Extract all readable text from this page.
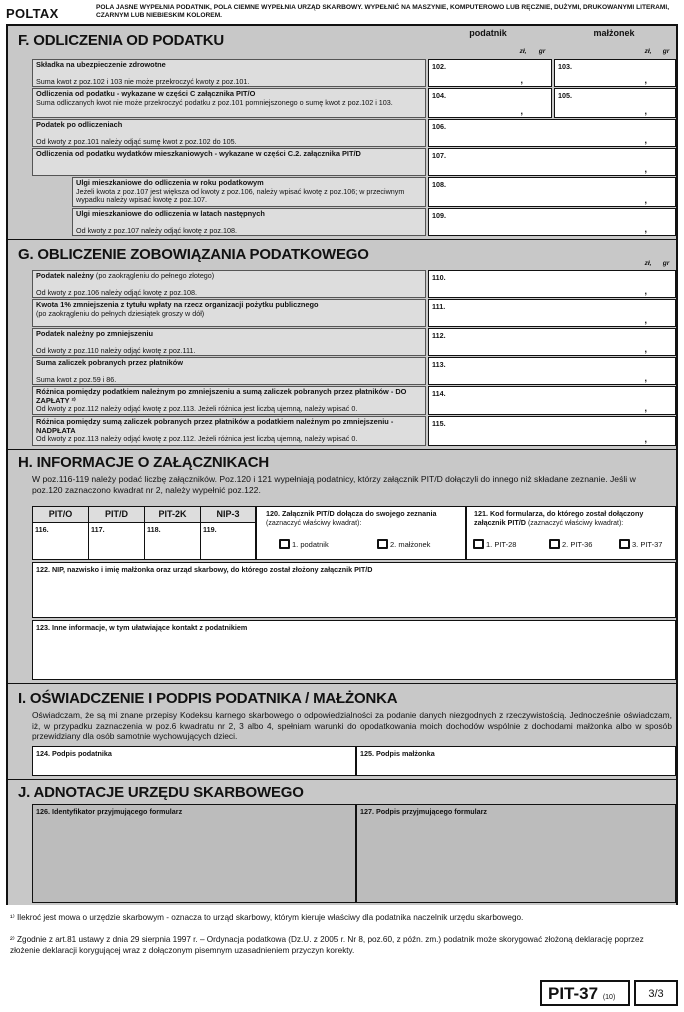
POLTAX	POLA JASNE WYPEŁNIA PODATNIK, POLA CIEMNE WYPEŁNIA URZĄD SKARBOWY. WYPEŁNIĆ NA MASZYNIE, KOMPUTEROWO LUB RĘCZNIE, DUŻYMI, DRUKOWANYMI LITERAMI, CZARNYM LUB NIEBIESKIM KOLOREM.
F. ODLICZENIA OD PODATKU	podatnik	małżonek
zł,	gr	zł,	gr
Składka na ubezpieczenie zdrowotne

Suma kwot z poz.102 i 103 nie może przekroczyć kwoty z poz.101.
102.
,
103.
,
Odliczenia od podatku - wykazane w części C załącznika PIT/O
Suma odliczanych kwot nie może przekroczyć podatku z poz.101 pomniejszonego o sumę kwot z poz.102 i 103.
104.
,
105.
,
Podatek po odliczeniach

Od kwoty z poz.101 należy odjąć sumę kwot z poz.102 do 105.
106.
,
Odliczenia od podatku wydatków mieszkaniowych - wykazane w części C.2. załącznika PIT/D	107.
,
Ulgi mieszkaniowe do odliczenia w roku podatkowym
Jeżeli kwota z poz.107 jest większa od kwoty z poz.106, należy wpisać kwotę z poz.106; w przeciwnym wypadku należy wpisać kwotę z poz.107.
108.
,
Ulgi mieszkaniowe do odliczenia w latach następnych

Od kwoty z poz.107 należy odjąć kwotę z poz.108.
109.
,
G. OBLICZENIE ZOBOWIĄZANIA PODATKOWEGO
zł,	gr
Podatek należny (po zaokrągleniu do pełnego złotego)

Od kwoty z poz.106 należy odjąć kwotę z poz.108.
110.
,
Kwota 1% zmniejszenia z tytułu wpłaty na rzecz organizacji pożytku publicznego
(po zaokrągleniu do pełnych dziesiątek groszy w dół)
111.
,
Podatek należny po zmniejszeniu

Od kwoty z poz.110 należy odjąć kwotę z poz.111.
112.
,
Suma zaliczek pobranych przez płatników

Suma kwot z poz.59 i 86.
113.
,
Różnica pomiędzy podatkiem należnym po zmniejszeniu a sumą zaliczek pobranych przez płatników - DO ZAPŁATY ²⁾
Od kwoty z poz.112 należy odjąć kwotę z poz.113. Jeżeli różnica jest liczbą ujemną, należy wpisać 0.
114.
,
Różnica pomiędzy sumą zaliczek pobranych przez płatników a podatkiem należnym po zmniejszeniu - NADPŁATA
Od kwoty z poz.113 należy odjąć kwotę z poz.112. Jeżeli różnica jest liczbą ujemną, należy wpisać 0.
115.
,
H. INFORMACJE O ZAŁĄCZNIKACH
W poz.116-119 należy podać liczbę załączników. Poz.120 i 121 wypełniają podatnicy, którzy załącznik PIT/D dołączyli do innego niż składane zeznanie. Jeśli w poz.120 zaznaczono kwadrat nr 2, należy wypełnić poz.122.
PIT/O	PIT/D	PIT-2K	NIP-3
116.	117.	118.	119.
120. Załącznik PIT/D dołącza do swojego zeznania
(zaznaczyć właściwy kwadrat):
1. podatnik	2. małżonek
121. Kod formularza, do którego został dołączony załącznik PIT/D (zaznaczyć właściwy kwadrat):
1. PIT-28	2. PIT-36	3. PIT-37
122. NIP, nazwisko i imię małżonka oraz urząd skarbowy, do którego został złożony załącznik PIT/D
123. Inne informacje, w tym ułatwiające kontakt z podatnikiem
I. OŚWIADCZENIE I PODPIS PODATNIKA / MAŁŻONKA
Oświadczam, że są mi znane przepisy Kodeksu karnego skarbowego o odpowiedzialności za podanie danych niezgodnych z rzeczywistością. Jednocześnie oświadczam, iż, w przypadku zaznaczenia w poz.6 kwadratu nr 2, 3 albo 4, spełniam warunki do opodatkowania moich dochodów wspólnie z dochodami małżonka albo w sposób przewidziany dla osób samotnie wychowujących dzieci.
124. Podpis podatnika	125. Podpis małżonka
J. ADNOTACJE URZĘDU SKARBOWEGO
126. Identyfikator przyjmującego formularz	127. Podpis przyjmującego formularz
¹⁾ Ilekroć jest mowa o urzędzie skarbowym - oznacza to urząd skarbowy, którym kieruje właściwy dla podatnika naczelnik urzędu skarbowego.
²⁾ Zgodnie z art.81 ustawy z dnia 29 sierpnia 1997 r. – Ordynacja podatkowa (Dz.U. z 2005 r. Nr 8, poz.60, z późn. zm.) podatnik może skorygować złożoną deklarację poprzez złożenie deklaracji korygującej wraz z dołączonym pisemnym uzasadnieniem przyczyn korekty.
PIT-37 (10)	3/3
